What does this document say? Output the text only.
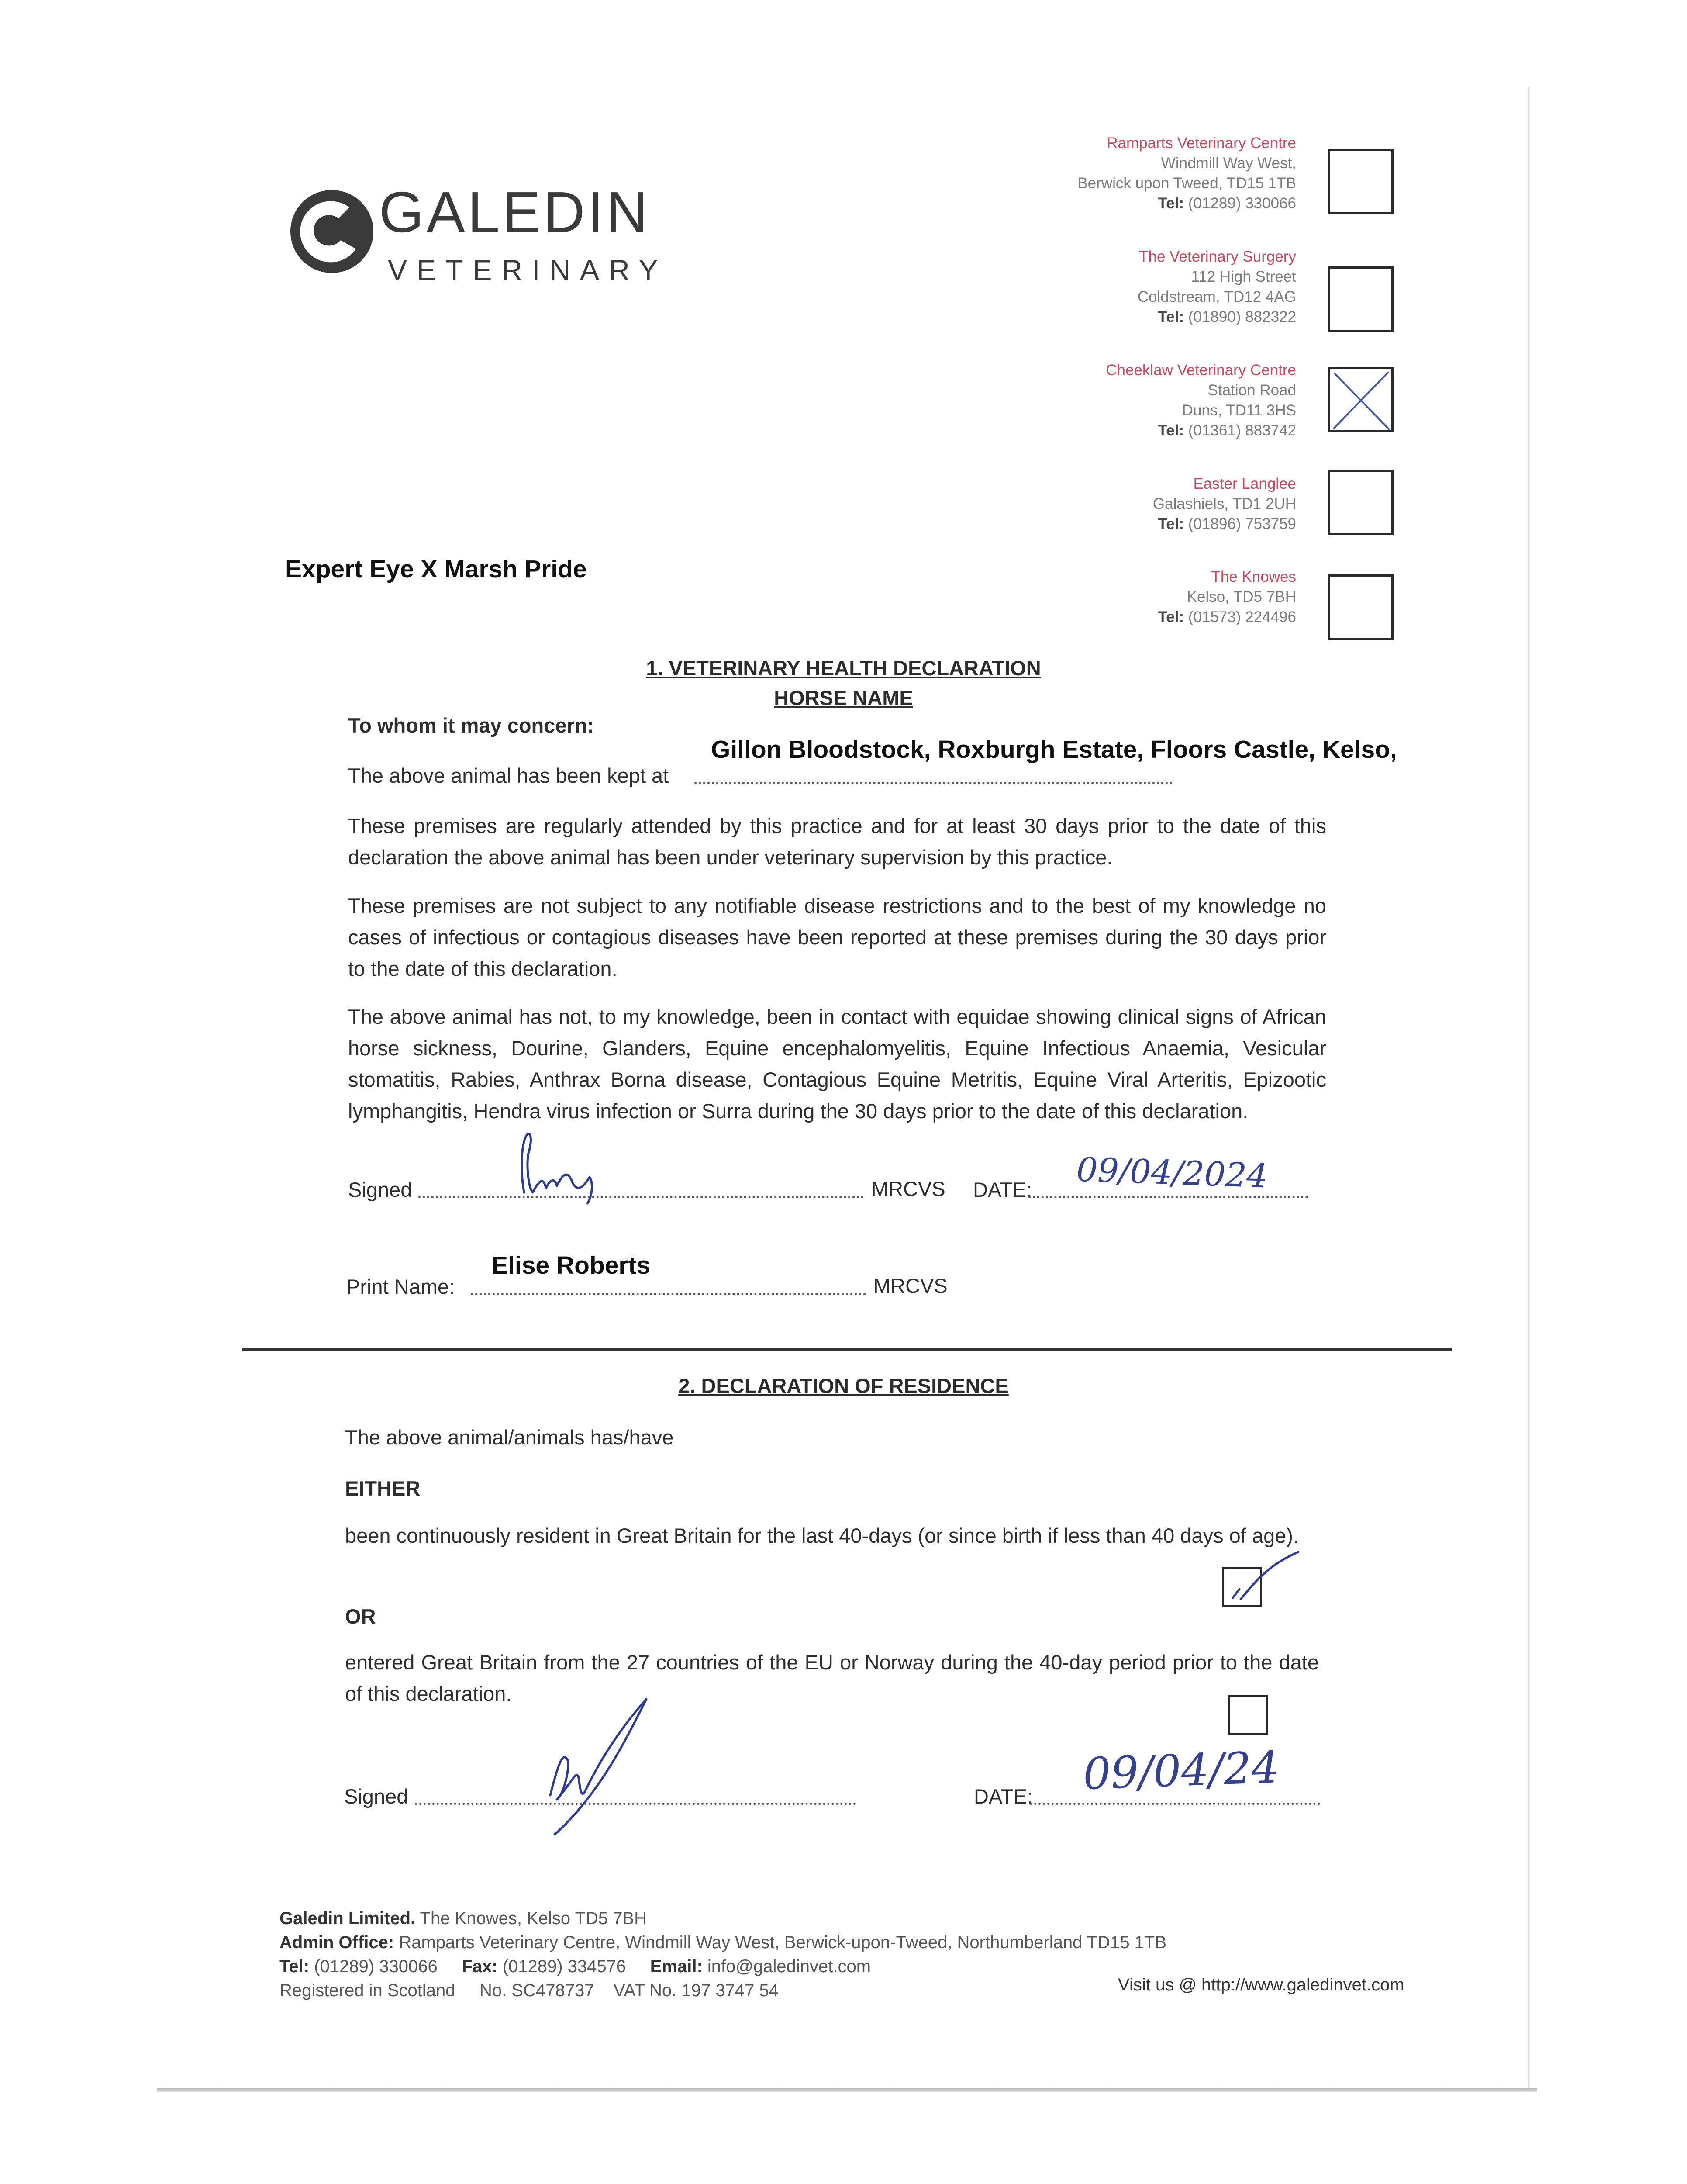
GALEDIN
VETERINARY
Ramparts Veterinary Centre
Windmill Way West,
Berwick upon Tweed, TD15 1TB
Tel: (01289) 330066
The Veterinary Surgery
112 High Street
Coldstream, TD12 4AG
Tel: (01890) 882322
Cheeklaw Veterinary Centre
Station Road
Duns, TD11 3HS
Tel: (01361) 883742
Easter Langlee
Galashiels, TD1 2UH
Tel: (01896) 753759
The Knowes
Kelso, TD5 7BH
Tel: (01573) 224496
Expert Eye X Marsh Pride
1. VETERINARY HEALTH DECLARATION
HORSE NAME
To whom it may concern:
Gillon Bloodstock, Roxburgh Estate, Floors Castle, Kelso,
The above animal has been kept at
These premises are regularly attended by this practice and for at least 30 days prior to the date of this declaration the above animal has been under veterinary supervision by this practice.
These premises are not subject to any notifiable disease restrictions and to the best of my knowledge no cases of infectious or contagious diseases have been reported at these premises during the 30 days prior to the date of this declaration.
The above animal has not, to my knowledge, been in contact with equidae showing clinical signs of African horse sickness, Dourine, Glanders, Equine encephalomyelitis, Equine Infectious Anaemia, Vesicular stomatitis, Rabies, Anthrax Borna disease, Contagious Equine Metritis, Equine Viral Arteritis, Epizootic lymphangitis, Hendra virus infection or Surra during the 30 days prior to the date of this declaration.
Signed	MRCVS DATE: 09/04/2024
Elise Roberts
Print Name:	MRCVS
2. DECLARATION OF RESIDENCE
The above animal/animals has/have
EITHER
been continuously resident in Great Britain for the last 40-days (or since birth if less than 40 days of age).
OR
entered Great Britain from the 27 countries of the EU or Norway during the 40-day period prior to the date of this declaration.
Signed	DATE: 09/04/24
Galedin Limited. The Knowes, Kelso TD5 7BH
Admin Office: Ramparts Veterinary Centre, Windmill Way West, Berwick-upon-Tweed, Northumberland TD15 1TB
Tel: (01289) 330066 Fax: (01289) 334576 Email: info@galedinvet.com
Registered in Scotland No. SC478737 VAT No. 197 3747 54	Visit us @ http://www.galedinvet.com
